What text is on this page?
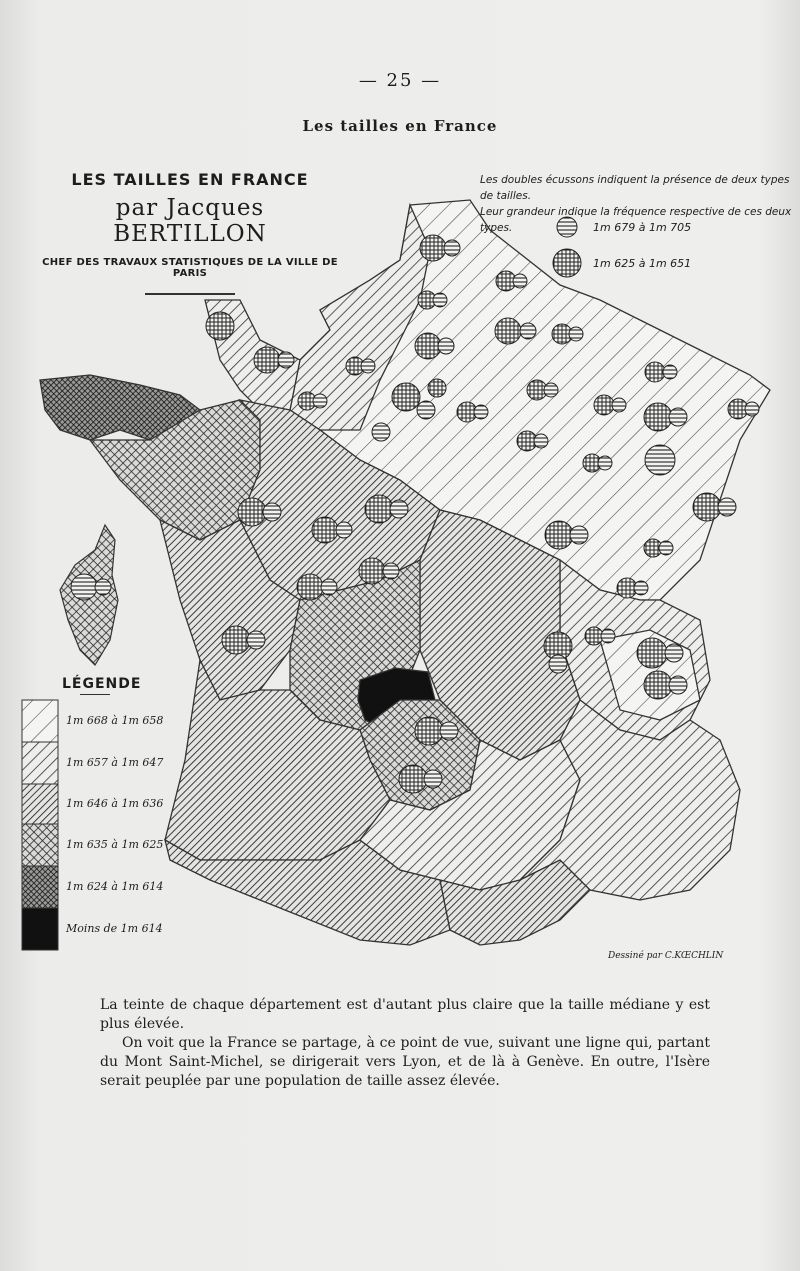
— 25 —
Les tailles en France
LES TAILLES EN FRANCE
par Jacques BERTILLON
CHEF DES TRAVAUX STATISTIQUES DE LA VILLE DE PARIS
Les doubles écussons indiquent la présence de deux types de tailles.
Leur grandeur indique la fréquence respective de ces deux types.	1m 679 à 1m 705
1m 625 à 1m 651
LÉGENDE
1m 668 à 1m 658
1m 657 à 1m 647
1m 646 à 1m 636
1m 635 à 1m 625
1m 624 à 1m 614
Moins de 1m 614
Dessiné par C.KŒCHLIN

La teinte de chaque département est d'autant plus claire que la taille médiane y est plus élevée.

On voit que la France se partage, à ce point de vue, suivant une ligne qui, partant du Mont Saint-Michel, se dirigerait vers Lyon, et de là à Genève. En outre, l'Isère serait peuplée par une population de taille assez élevée.
